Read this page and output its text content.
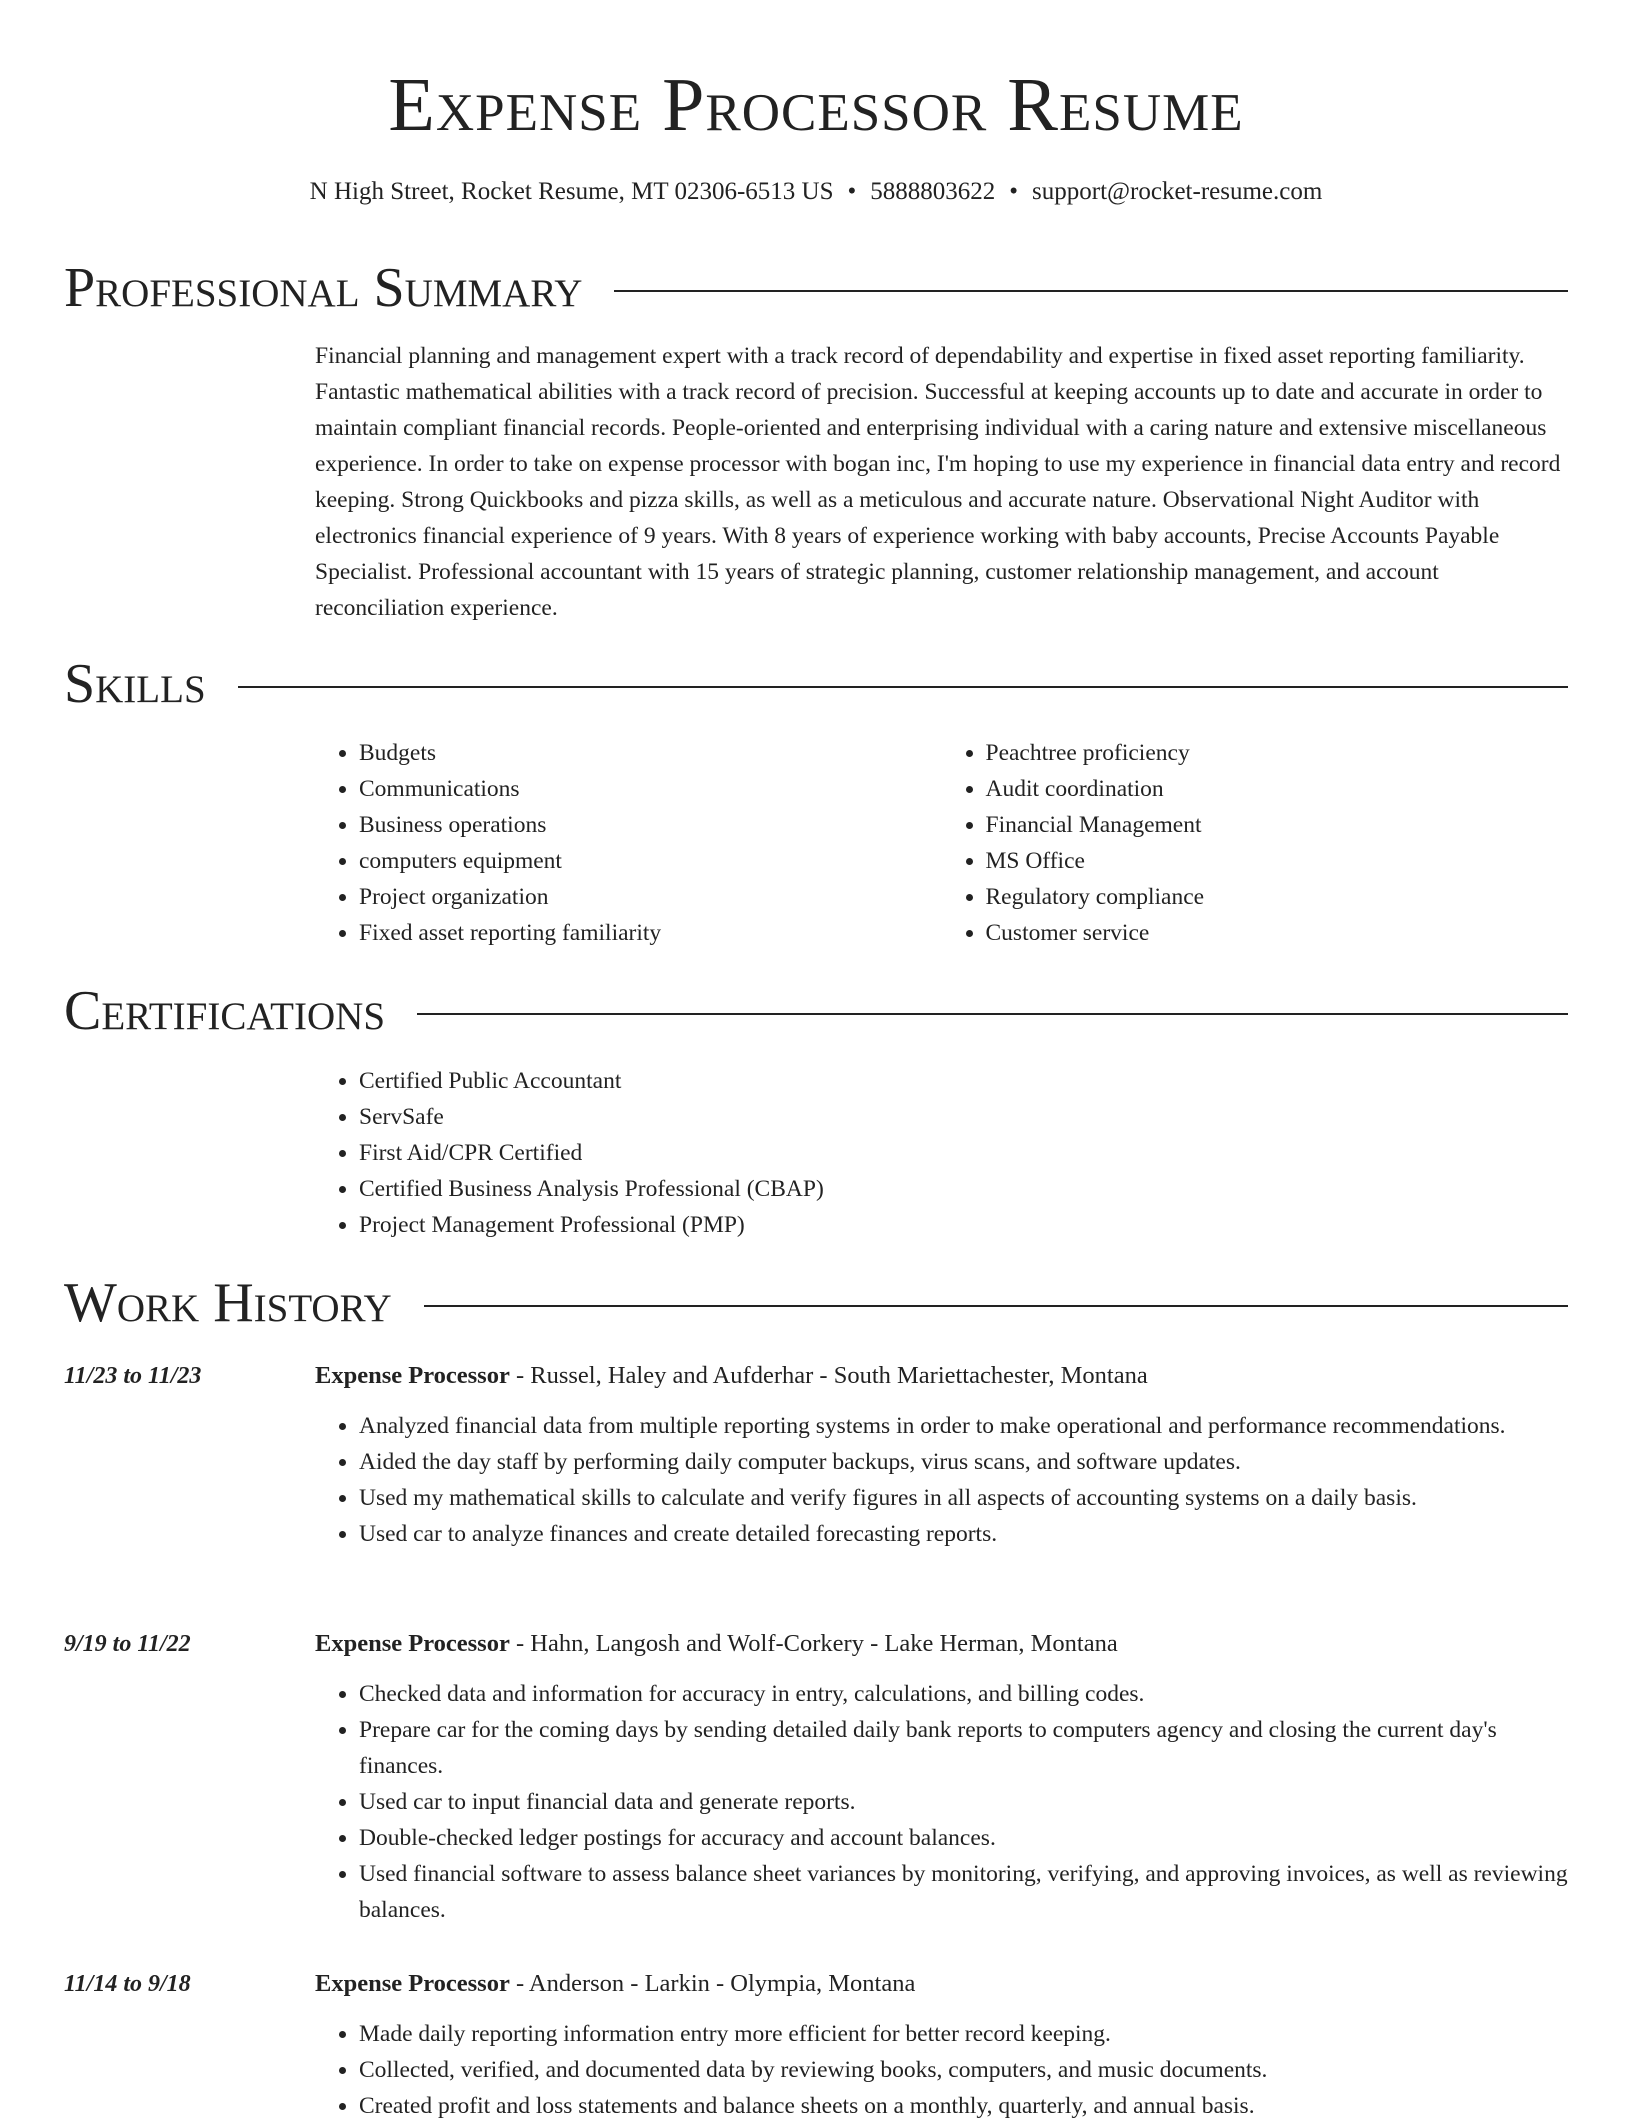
Expense Processor Resume
N High Street, Rocket Resume, MT 02306-6513 US • 5888803622 • support@rocket-resume.com
Professional Summary

Financial planning and management expert with a track record of dependability and expertise in fixed asset reporting familiarity. Fantastic mathematical abilities with a track record of precision. Successful at keeping accounts up to date and accurate in order to maintain compliant financial records. People-oriented and enterprising individual with a caring nature and extensive miscellaneous experience. In order to take on expense processor with bogan inc, I'm hoping to use my experience in financial data entry and record keeping. Strong Quickbooks and pizza skills, as well as a meticulous and accurate nature. Observational Night Auditor with electronics financial experience of 9 years. With 8 years of experience working with baby accounts, Precise Accounts Payable Specialist. Professional accountant with 15 years of strategic planning, customer relationship management, and account reconciliation experience.

Skills
• Budgets
• Communications
• Business operations
• computers equipment
• Project organization
• Fixed asset reporting familiarity
• Peachtree proficiency
• Audit coordination
• Financial Management
• MS Office
• Regulatory compliance
• Customer service
Certifications
• Certified Public Accountant
• ServSafe
• First Aid/CPR Certified
• Certified Business Analysis Professional (CBAP)
• Project Management Professional (PMP)
Work History
11/23 to 11/23	Expense Processor - Russel, Haley and Aufderhar - South Mariettachester, Montana
• Analyzed financial data from multiple reporting systems in order to make operational and performance recommendations.
• Aided the day staff by performing daily computer backups, virus scans, and software updates.
• Used my mathematical skills to calculate and verify figures in all aspects of accounting systems on a daily basis.
• Used car to analyze finances and create detailed forecasting reports.
9/19 to 11/22	Expense Processor - Hahn, Langosh and Wolf-Corkery - Lake Herman, Montana
• Checked data and information for accuracy in entry, calculations, and billing codes.
• Prepare car for the coming days by sending detailed daily bank reports to computers agency and closing the current day's finances.
• Used car to input financial data and generate reports.
• Double-checked ledger postings for accuracy and account balances.
• Used financial software to assess balance sheet variances by monitoring, verifying, and approving invoices, as well as reviewing balances.
11/14 to 9/18	Expense Processor - Anderson - Larkin - Olympia, Montana
• Made daily reporting information entry more efficient for better record keeping.
• Collected, verified, and documented data by reviewing books, computers, and music documents.
• Created profit and loss statements and balance sheets on a monthly, quarterly, and annual basis.
